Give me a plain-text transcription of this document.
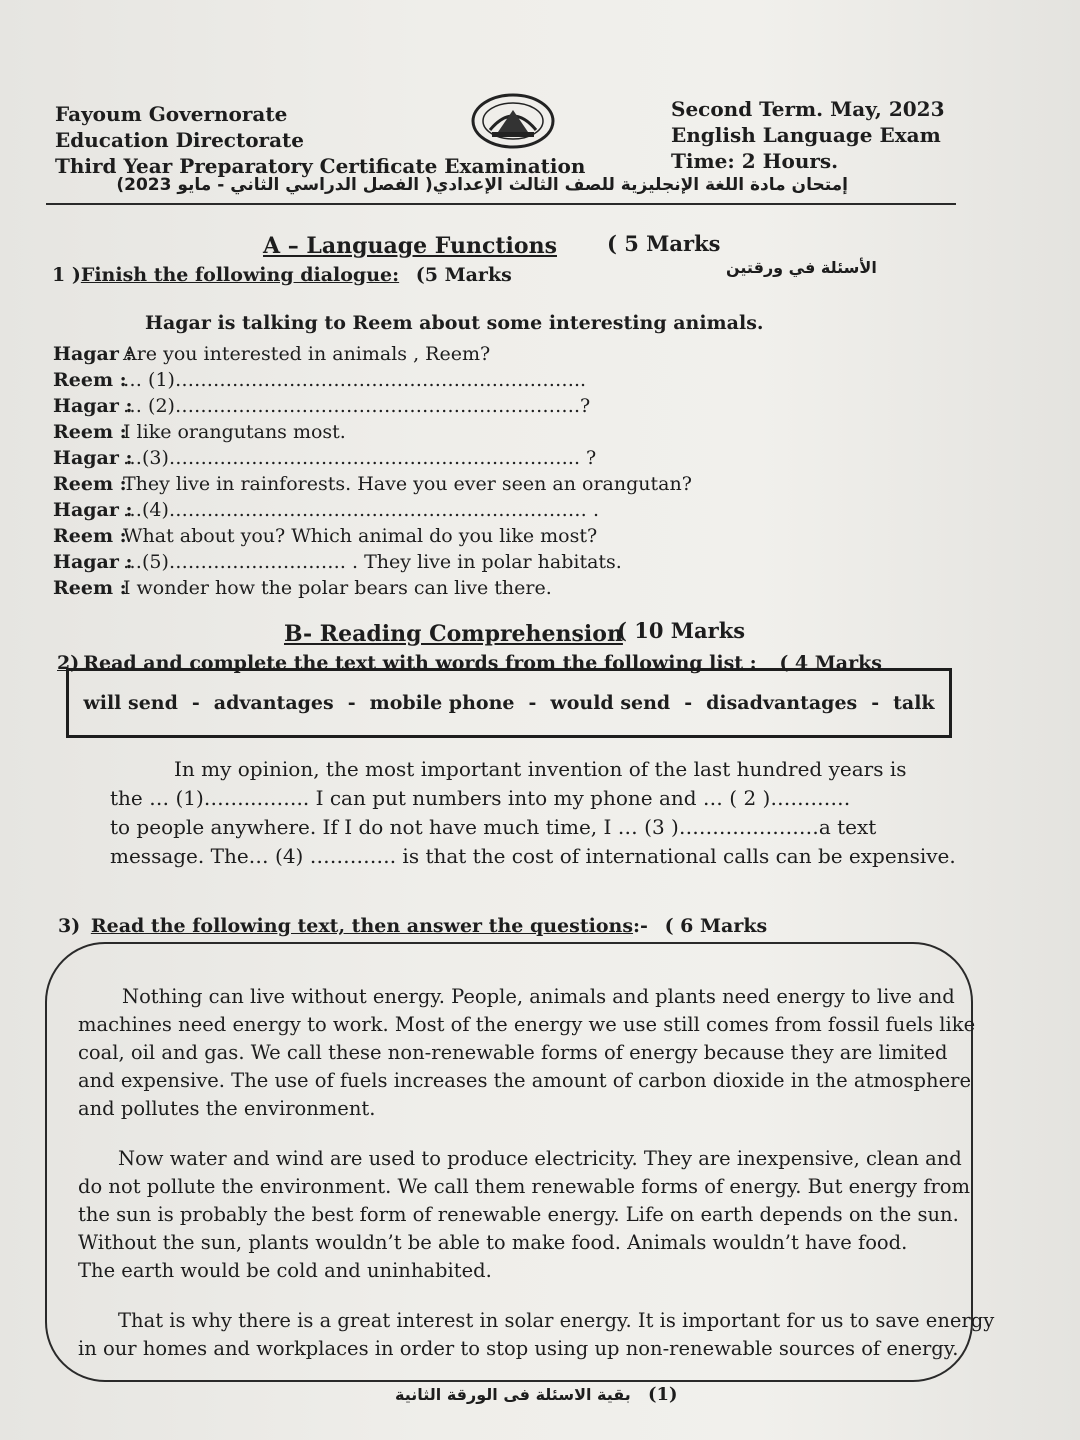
Fayoum Governorate
Education Directorate
Third Year Preparatory Certificate Examination
Second Term. May, 2023
English Language Exam
Time: 2 Hours.
إمتحان مادة اللغة الإنجليزية للصف الثالث الإعدادي( الفصل الدراسي الثاني - مايو 2023)
A – Language Functions ( 5 Marks
الأسئلة في ورقتين
1 )Finish the following dialogue: (5 Marks
Hagar is talking to Reem about some interesting animals.
Hagar :Are you interested in animals , Reem?
Reem :… (1)………………………………………………………..
Hagar :… (2)……………………………………………………….?
Reem :I like orangutans most.
Hagar :…(3)……………………………………………………….. ?
Reem :They live in rainforests. Have you ever seen an orangutan?
Hagar :…(4)………………………………………………………… .
Reem :What about you? Which animal do you like most?
Hagar :…(5)………………………. . They live in polar habitats.
Reem :I wonder how the polar bears can live there.
B- Reading Comprehension
( 10 Marks
2) Read and complete the text with words from the following list : ( 4 Marks
will send - advantages - mobile phone - would send - disadvantages - talk
In my opinion, the most important invention of the last hundred years is
the … (1)……..…….. I can put numbers into my phone and … ( 2 )…………
to people anywhere. If I do not have much time, I … (3 )…………………a text
message. The… (4) …………. is that the cost of international calls can be expensive.
3) Read the following text, then answer the questions:- ( 6 Marks
Nothing can live without energy. People, animals and plants need energy to live and
machines need energy to work. Most of the energy we use still comes from fossil fuels like
coal, oil and gas. We call these non-renewable forms of energy because they are limited
and expensive. The use of fuels increases the amount of carbon dioxide in the atmosphere
and pollutes the environment.
Now water and wind are used to produce electricity. They are inexpensive, clean and
do not pollute the environment. We call them renewable forms of energy. But energy from
the sun is probably the best form of renewable energy. Life on earth depends on the sun.
Without the sun, plants wouldn’t be able to make food. Animals wouldn’t have food.
The earth would be cold and uninhabited.
That is why there is a great interest in solar energy. It is important for us to save energy
in our homes and workplaces in order to stop using up non-renewable sources of energy.
(1)
بقية الاسئلة فى الورقة الثانية
